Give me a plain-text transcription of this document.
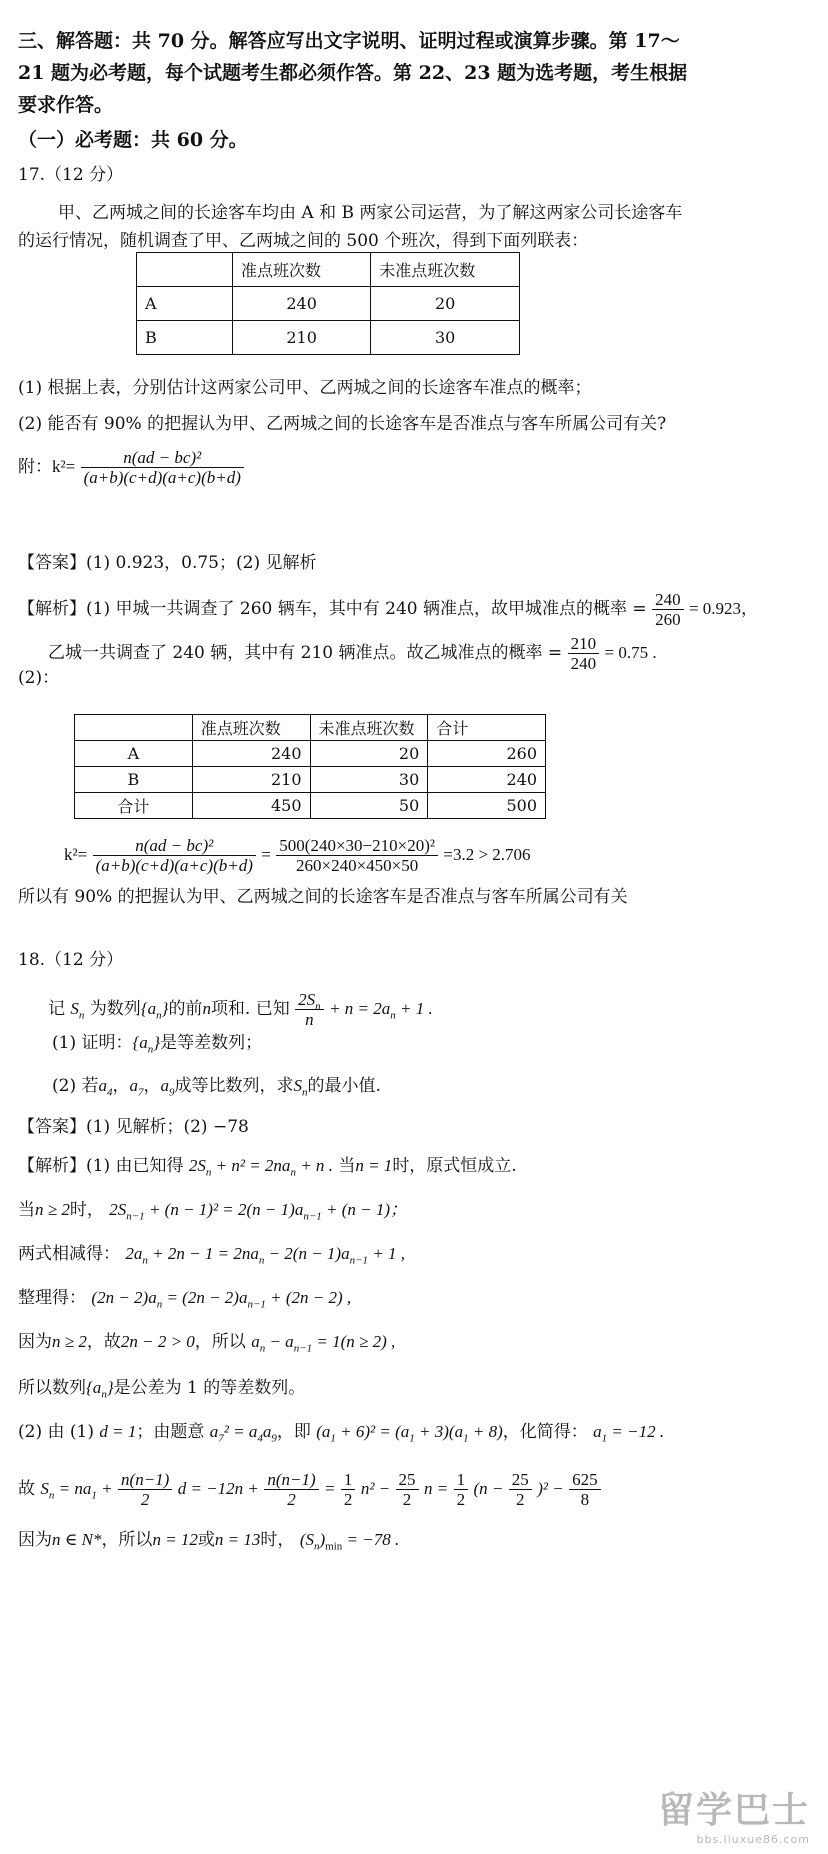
三、解答题：共 70 分。解答应写出文字说明、证明过程或演算步骤。第 17～
21 题为必考题，每个试题考生都必须作答。第 22、23 题为选考题，考生根据
要求作答。
（一）必考题：共 60 分。
17.（12 分）
甲、乙两城之间的长途客车均由 A 和 B 两家公司运营，为了解这两家公司长途客车
的运行情况，随机调查了甲、乙两城之间的 500 个班次，得到下面列联表：
	准点班次数	未准点班次数
A	240	20
B	210	30
(1) 根据上表，分别估计这两家公司甲、乙两城之间的长途客车准点的概率；
(2) 能否有 90% 的把握认为甲、乙两城之间的长途客车是否准点与客车所属公司有关?
附：$k^2= \frac{\text{n(ad − bc)²}}{(a+b)(c+d)(a+c)(b+d)}$
【答案】(1) 0.923，0.75；(2) 见解析
【解析】(1) 甲城一共调查了 260 辆车，其中有 240 辆准点，故甲城准点的概率 = $\frac{240}{260} = 0.923$，
乙城一共调查了 240 辆，其中有 210 辆准点。故乙城准点的概率 = $\frac{210}{240} = 0.75$ .
(2)：
	准点班次数	未准点班次数	合计
A	240	20	260
B	210	30	240
合计	450	50	500
$k^2= \frac{\text{n(ad − bc)²}}{(a+b)(c+d)(a+c)(b+d)} = \frac{\text{500(240×30−210×20)²}}{260\times 240\times 450\times 50} =3.2 > 2.706$
所以有 90% 的把握认为甲、乙两城之间的长途客车是否准点与客车所属公司有关
18.（12 分）
记 $S_n$ 为数列$\{a_n\}$的前n项和. 已知 $\frac{2S_n}{n} + n = 2a_n + 1$ .
(1) 证明：$\{a_n\}$是等差数列；
(2) 若$a_4$，$a_7$，$a_9$成等比数列，求$S_n$的最小值.
【答案】(1) 见解析；(2) −78
【解析】(1) 由已知得 $2S_n + n^2 = 2na_n + n$ . 当n = 1时，原式恒成立.
当n ≥ 2时， $2S_{n-1} + (n - 1)^2 = 2(n - 1)a_{n-1} + (n - 1)$；
两式相减得： $2a_n + 2n - 1 = 2na_n - 2(n - 1)a_{n-1} + 1$ ,
整理得： $(2n - 2)a_n = (2n - 2)a_{n-1} + (2n - 2)$ ,
因为n ≥ 2，故2n − 2 > 0，所以 $a_n - a_{n-1} = 1(n \ge 2)$ ,
所以数列$\{a_n\}$是公差为 1 的等差数列。
(2) 由 (1) d = 1；由题意 $a_7^2 = a_4a_9$，即 $(a_1 + 6)^2 = (a_1 + 3)(a_1 + 8)$，化简得： $a_1 = -12$ .
故 $S_n = na_1 + \frac{n(n-1)}{2}$ $d = -12n + \frac{n(n-1)}{2} = \frac{1}{2} n^2 - \frac{25}{2}$ $n = \frac{1}{2} (n - \frac{25}{2} )^2 - \frac{625}{8}$
因为n ∈ N*，所以n = 12或n = 13时， $(S_n)_{min} = -78$ .
留学巴士
bbs.liuxue86.com
